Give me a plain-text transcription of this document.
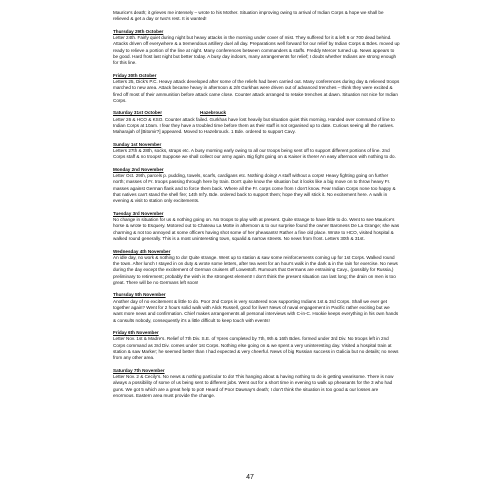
Maurice's death; it grieves me intensely – wrote to his Mother. Situation improving owing to arrival of Indian Corps & hope we shall be relieved & get a day or two's rest. It is wanted!

Thursday 29th October

Letter 24th. Fairly quiet during night but heavy attacks in the morning under cover of mist. They suffered for it & left 6 or 700 dead behind. Attacks driven off everywhere & a tremendous artillery duel all day. Preparations well forward for our relief by Indian Corps & Bdes. moved up ready to relieve a portion of the line at night. Many conferences between commanders & staffs. Freddy Mercer turned up. News appears to be good. Hard frost last night but better today. A busy day indoors, many arrangements for relief; I doubt whether Indians are strong enough for this line.

Friday 30th October

Letters 25, Dick's P.C. Heavy attack developed after some of the reliefs had been carried out. Many conferences during day & relieved troops marched to new area. Attack became heavy in afternoon & 2/8 Gurkhas were driven out of advanced trenches – think they were excited & fired off most of their ammunition before attack came close. Counter attack arranged to retake trenches at dawn. Situation not nice for Indian Corps.

Saturday 31st October	Hazebrouck

Letter 26 & HCO & KSO. Counter attack failed. Gurkhas have lost heavily but situation quiet this morning. Handed over command of line to Indian Corps at 10am. I fear they have a troubled time before them as their staff is not organised up to date. Curious seeing all the natives. Maharajah of [Bitomir?] appeared. Moved to Hazebrouck. 1 Bde. ordered to support Cavy.

Sunday 1st November

Letters 27th & 28th, socks, straps etc. A busy morning early owing to all our troops being sent off to support different portions of line. 2nd Corps staff & no troops! Suppose we shall collect our army again. Big fight going on & Kaiser is there! An easy afternoon with nothing to do.

Monday 2nd November

Letter Oct. 29th, parcels p. pudding, towels, scarfs, cardigans etc. Nothing doing! A staff without a corps! Heavy fighting going on further north; masses of Fr. troops passing through here by train. Don't quite know the situation but it looks like a big move on to throw heavy Fr. masses against German flank and to force them back. Where all the Fr. corps come from I don't know. Fear Indian Corps none too happy & that natives can't stand the shell fire; 14th Inf'y. Bde. ordered back to support them; hope they will stick it. No excitement here. A walk in evening & visit to station only excitements.

Tuesday 3rd November

No change in situation for us & nothing going on. No troops to play with at present. Quite strange to have little to do. Went to see Maurice's horse & wrote to Esquery. Motored out to Chateau La Motte in afternoon & to our surprise found the owner Baroness De La Grange; she was charming & not too annoyed at some officers having shot some of her pheasants! Rather a fine old place. Wrote to HCO, visited hospital & walked round generally. This is a most uninteresting town, squalid & narrow streets. No news from front. Letters 30th & 31st.

Wednesday 4th November

An idle day, no work & nothing to do! Quite strange. Went up to station & saw some reinforcements coming up for 1st Corps. Walked round the town. After lunch I stayed in on duty & wrote some letters, after tea went for an hour's walk in the dark & in the rain for exercise. No news during the day except the excitement of German cruisers off Lowestoft. Rumours that Germans are entraining Cavy., (possibly for Russia,) preliminary to retirement; probably the wish is the strongest element! I don't think the present situation can last long; the drain on men is too great. There will be no Germans left soon!

Thursday 5th November

Another day of no excitement & little to do. Poor 2nd Corps is very scattered now supporting Indians 1st & 3rd Corps. Shall we ever get together again? Went for 2 hours solid walk with Alick Russell, good for liver! News of naval engagement in Pacific rather exciting but we want more news and confirmation. Chief makes arrangements all personal interviews with C-in-C. Hookie keeps everything in his own hands & consults nobody, consequently it's a little difficult to keep touch with events!

Friday 6th November

Letter Nov. 1st & Madre's. Relief of 7th Div. S.E. of Ypres completed by 7th, 9th & 16th Bdes. formed under 3rd Div. No troops left in 2nd Corps command as 3rd Div. comes under 1st Corps. Nothing else going on & we spent a very uninteresting day. Visited a hospital train at station & saw Marker; he seemed better than I had expected & very cheerful. News of big Russian success in Galicia but no details; no news from any other area.

Saturday 7th November

Letter Nov. 2 & Cecily's. No news & nothing particular to do! This hanging about & having nothing to do is getting wearisome. There is now always a possibility of some of us being sent to different jobs. Went out for a short time in evening to walk up pheasants for the 3 who had guns. We got 5 which are a great help to pot! Heard of Poor Dawnay's death; I don't think the situation is too good & our losses are enormous. Eastern area must provide the change.

47
